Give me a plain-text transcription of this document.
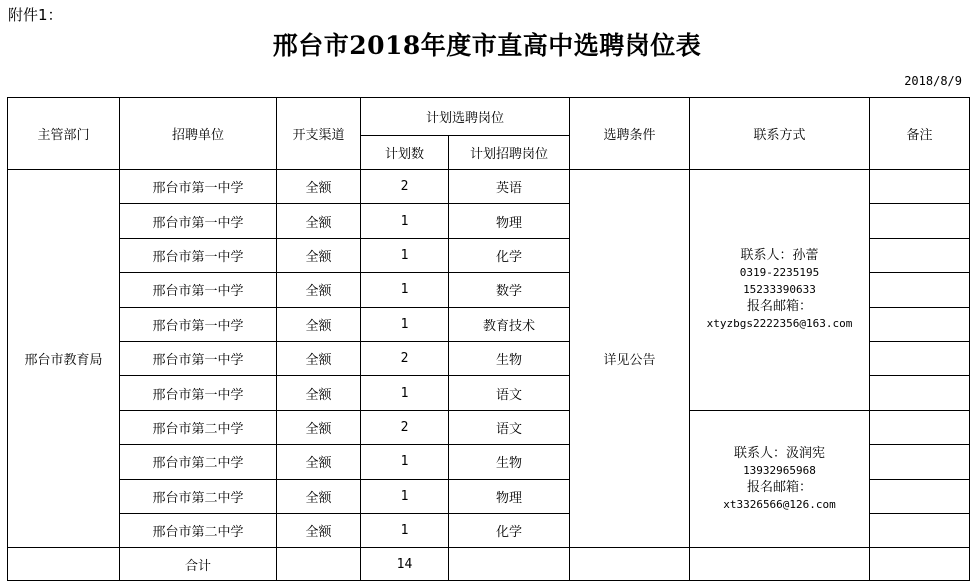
附件1：
邢台市2018年度市直高中选聘岗位表
2018/8/9
主管部门	招聘单位	开支渠道	计划选聘岗位		选聘条件	联系方式	备注
			计划数	计划招聘岗位			
邢台市教育局	邢台市第一中学	全额	2	英语	详见公告	联系人：孙蕾
0319-2235195
15233390633
报名邮箱：
xtyzbgs2222356@163.com	

	邢台市第一中学	全额	1	物理			
	邢台市第一中学	全额	1	化学			
	邢台市第一中学	全额	1	数学			
	邢台市第一中学	全额	1	教育技术			
	邢台市第一中学	全额	2	生物			
	邢台市第一中学	全额	1	语文			
	邢台市第二中学	全额	2	语文		联系人：汲润宪
13932965968
报名邮箱：
xt3326566@126.com	

	邢台市第二中学	全额	1	生物			
	邢台市第二中学	全额	1	物理			
	邢台市第二中学	全额	1	化学			
	合计		14				
